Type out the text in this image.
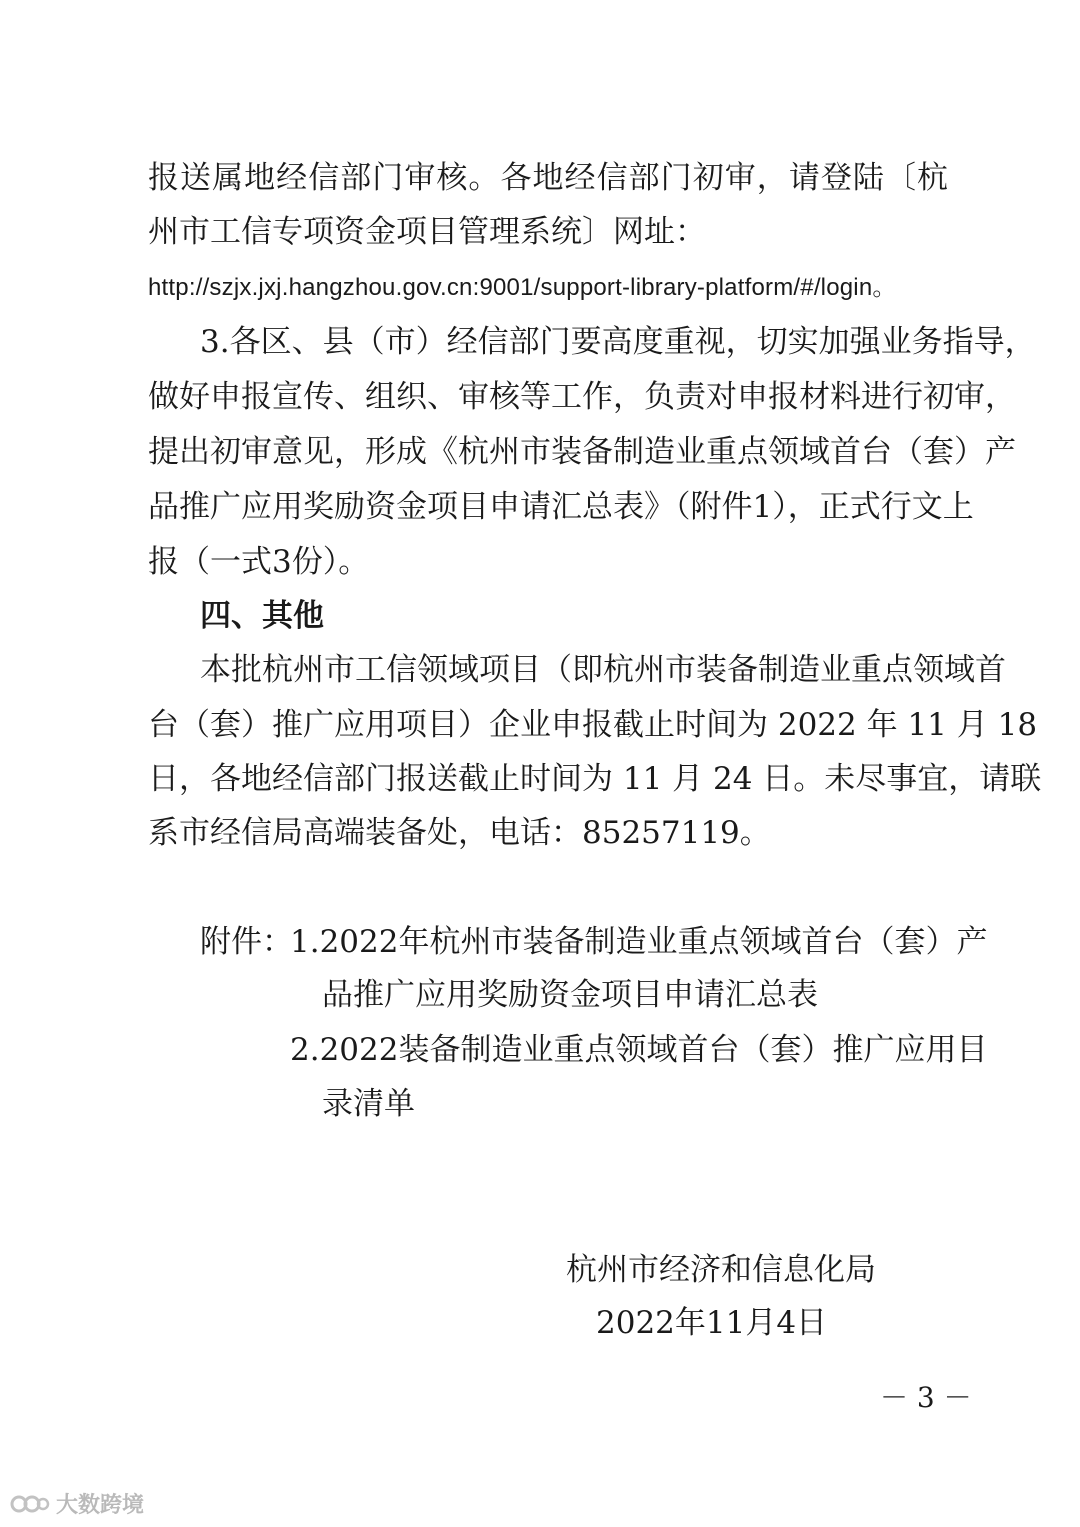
报送属地经信部门审核。各地经信部门初审，请登陆〔杭
州市工信专项资金项目管理系统〕网址：
http://szjx.jxj.hangzhou.gov.cn:9001/support-library-platform/#/login。
3.各区、县（市）经信部门要高度重视，切实加强业务指导，
做好申报宣传、组织、审核等工作，负责对申报材料进行初审，
提出初审意见，形成《杭州市装备制造业重点领域首台（套）产
品推广应用奖励资金项目申请汇总表》（附件1），正式行文上
报（一式3份）。
四、其他
本批杭州市工信领域项目（即杭州市装备制造业重点领域首
台（套）推广应用项目）企业申报截止时间为 2022 年 11 月 18
日，各地经信部门报送截止时间为 11 月 24 日。未尽事宜，请联
系市经信局高端装备处，电话：85257119。
附件：
1.2022年杭州市装备制造业重点领域首台（套）产
品推广应用奖励资金项目申请汇总表
2.2022装备制造业重点领域首台（套）推广应用目
录清单
杭州市经济和信息化局
2022年11月4日
－ 3 －
大数跨境
